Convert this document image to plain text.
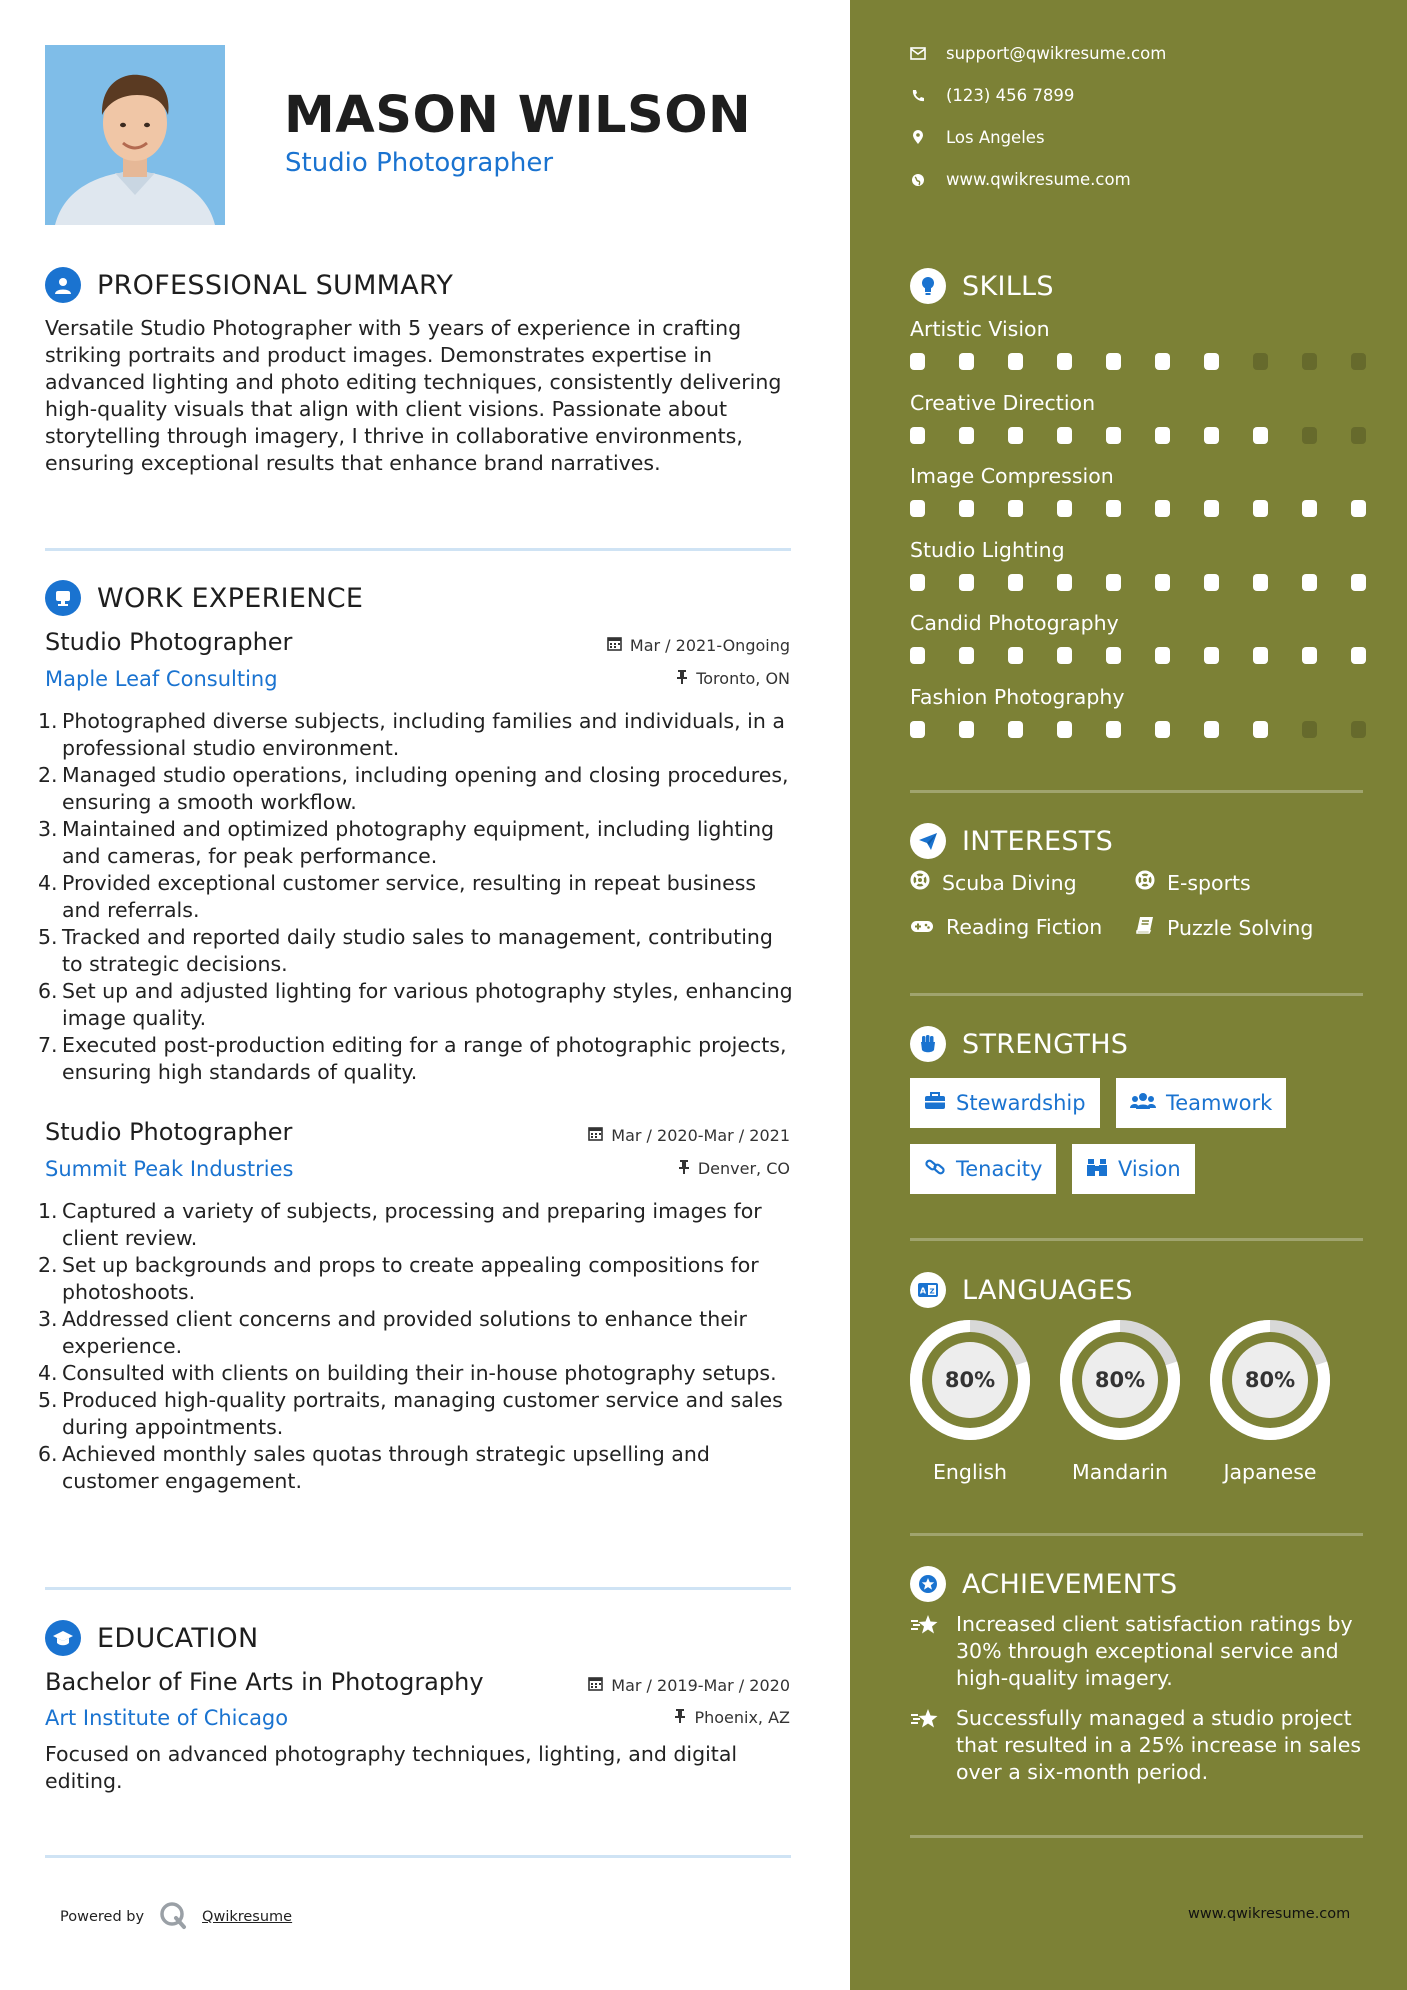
MASON WILSON
Studio Photographer
PROFESSIONAL SUMMARY
Versatile Studio Photographer with 5 years of experience in crafting striking portraits and product images. Demonstrates expertise in advanced lighting and photo editing techniques, consistently delivering high-quality visuals that align with client visions. Passionate about storytelling through imagery, I thrive in collaborative environments, ensuring exceptional results that enhance brand narratives.
WORK EXPERIENCE
Studio Photographer	Mar / 2021-Ongoing
Maple Leaf Consulting	Toronto, ON
1. Photographed diverse subjects, including families and individuals, in a professional studio environment.
2. Managed studio operations, including opening and closing procedures, ensuring a smooth workflow.
3. Maintained and optimized photography equipment, including lighting and cameras, for peak performance.
4. Provided exceptional customer service, resulting in repeat business and referrals.
5. Tracked and reported daily studio sales to management, contributing to strategic decisions.
6. Set up and adjusted lighting for various photography styles, enhancing image quality.
7. Executed post-production editing for a range of photographic projects, ensuring high standards of quality.
Studio Photographer	Mar / 2020-Mar / 2021
Summit Peak Industries	Denver, CO
1. Captured a variety of subjects, processing and preparing images for client review.
2. Set up backgrounds and props to create appealing compositions for photoshoots.
3. Addressed client concerns and provided solutions to enhance their experience.
4. Consulted with clients on building their in-house photography setups.
5. Produced high-quality portraits, managing customer service and sales during appointments.
6. Achieved monthly sales quotas through strategic upselling and customer engagement.
EDUCATION
Bachelor of Fine Arts in Photography	Mar / 2019-Mar / 2020
Art Institute of Chicago	Phoenix, AZ
Focused on advanced photography techniques, lighting, and digital editing.
Powered by	Qwikresume
support@qwikresume.com
(123) 456 7899
Los Angeles
www.qwikresume.com
SKILLS
Artistic Vision
Creative Direction
Image Compression
Studio Lighting
Candid Photography
Fashion Photography
INTERESTS
Scuba Diving	E-sports
Reading Fiction	Puzzle Solving
STRENGTHS
Stewardship	Teamwork
Tenacity	Vision
A Z LANGUAGES
80%
English
80%
Mandarin
80%
Japanese
ACHIEVEMENTS
Increased client satisfaction ratings by 30% through exceptional service and high-quality imagery.
Successfully managed a studio project that resulted in a 25% increase in sales over a six-month period.
www.qwikresume.com
